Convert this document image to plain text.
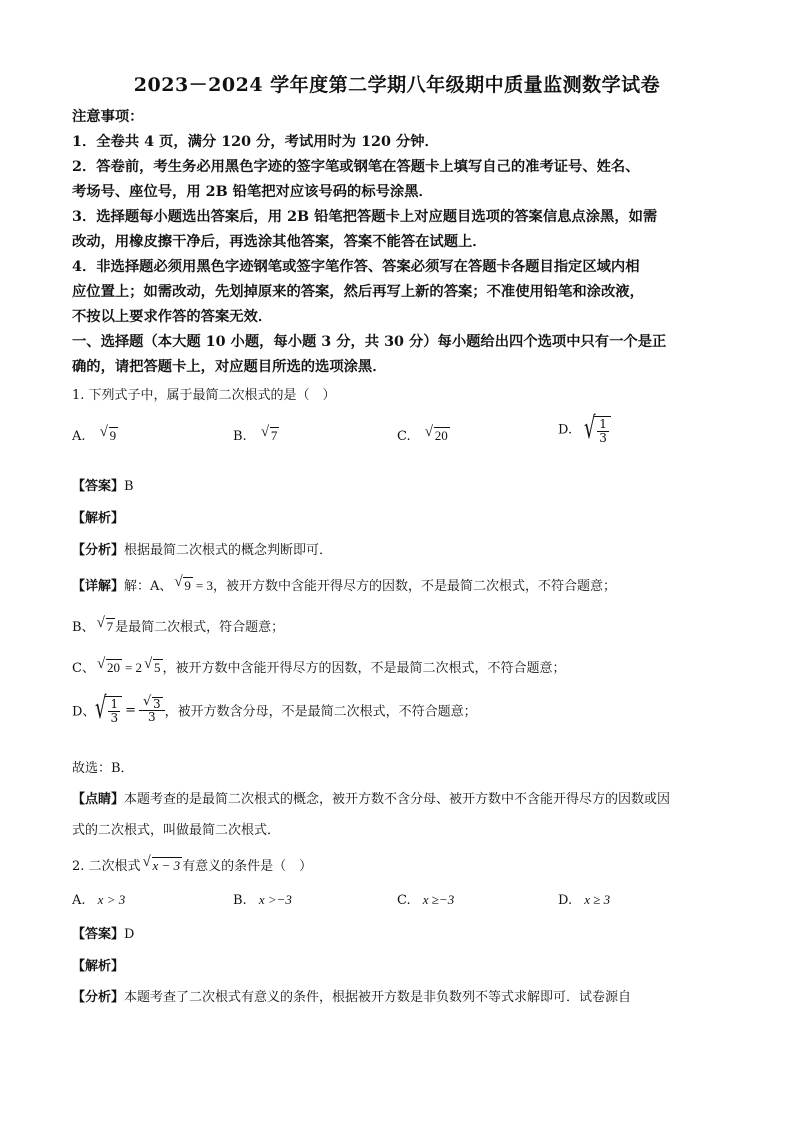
2023－2024 学年度第二学期八年级期中质量监测数学试卷
注意事项：
1．全卷共 4 页，满分 120 分，考试用时为 120 分钟．
2．答卷前，考生务必用黑色字迹的签字笔或钢笔在答题卡上填写自己的准考证号、姓名、
考场号、座位号，用 2B 铅笔把对应该号码的标号涂黑．
3．选择题每小题选出答案后，用 2B 铅笔把答题卡上对应题目选项的答案信息点涂黑，如需
改动，用橡皮擦干净后，再选涂其他答案，答案不能答在试题上．
4．非选择题必须用黑色字迹钢笔或签字笔作答、答案必须写在答题卡各题目指定区域内相
应位置上；如需改动，先划掉原来的答案，然后再写上新的答案；不准使用铅笔和涂改液，
不按以上要求作答的答案无效．
一、选择题（本大题 10 小题，每小题 3 分，共 30 分）每小题给出四个选项中只有一个是正
确的，请把答题卡上，对应题目所选的选项涂黑．
1. 下列式子中，属于最简二次根式的是（　）
A. √ 9	B. √ 7	C. √ 20	D. √ $\frac{1}{3}$
【答案】B
【解析】
【分析】根据最简二次根式的概念判断即可．
【详解】解：A、 √ 9 = 3，被开方数中含能开得尽方的因数，不是最简二次根式，不符合题意；
B、 √ 7 是最简二次根式，符合题意；
C、 √ 20 = 2 √ 5 ，被开方数中含能开得尽方的因数，不是最简二次根式，不符合题意；
D、 √ $\frac{1}{3} = \frac{√ 3}{3}$ ，被开方数含分母，不是最简二次根式，不符合题意；
故选：B．
【点睛】本题考查的是最简二次根式的概念，被开方数不含分母、被开方数中不含能开得尽方的因数或因
式的二次根式，叫做最简二次根式．
2. 二次根式 √ x − 3 有意义的条件是（　）
A. x > 3	B. x >−3	C. x ≥−3	D. x ≥ 3
【答案】D
【解析】
【分析】本题考查了二次根式有意义的条件，根据被开方数是非负数列不等式求解即可．试卷源自
